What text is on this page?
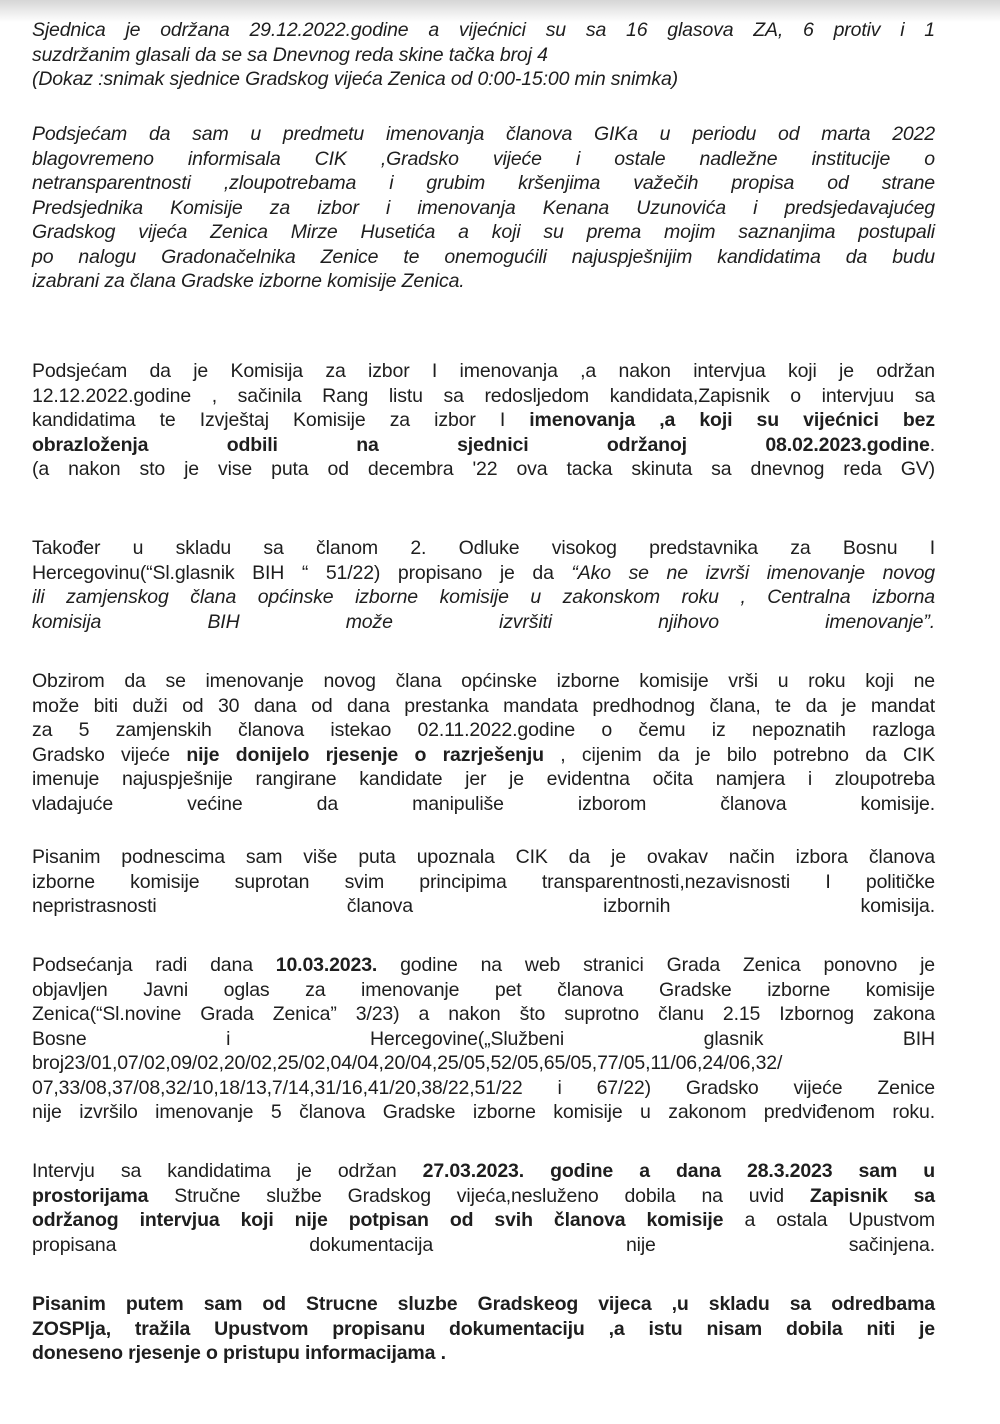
Sjednica je održana 29.12.2022.godine a vijećnici su sa 16 glasova ZA, 6 protiv i 1
suzdržanim glasali da se sa Dnevnog reda skine tačka broj 4
(Dokaz :snimak sjednice Gradskog vijeća Zenica od 0:00-15:00 min snimka)
Podsjećam da sam u predmetu imenovanja članova GIKa u periodu od marta 2022
blagovremeno informisala CIK ,Gradsko vijeće i ostale nadležne institucije o
netransparentnosti ,zloupotrebama i grubim kršenjima važečih propisa od strane
Predsjednika Komisije za izbor i imenovanja Kenana Uzunovića i predsjedavajućeg
Gradskog vijeća Zenica Mirze Husetića a koji su prema mojim saznanjima postupali
po nalogu Gradonačelnika Zenice te onemogućili najuspješnijim kandidatima da budu
izabrani za člana Gradske izborne komisije Zenica.
Podsjećam da je Komisija za izbor I imenovanja ,a nakon intervjua koji je održan
12.12.2022.godine , sačinila Rang listu sa redosljedom kandidata,Zapisnik o intervjuu sa
kandidatima te Izvještaj Komisije za izbor I imenovanja ,a koji su vijećnici bez
obrazloženja odbili na sjednici održanoj 08.02.2023.godine.
(a nakon sto je vise puta od decembra '22 ova tacka skinuta sa dnevnog reda GV)
Također u skladu sa članom 2. Odluke visokog predstavnika za Bosnu I
Hercegovinu(“Sl.glasnik BIH “ 51/22) propisano je da “Ako se ne izvrši imenovanje novog
ili zamjenskog člana općinske izborne komisije u zakonskom roku , Centralna izborna
komisija BIH može izvršiti njihovo imenovanje”.
Obzirom da se imenovanje novog člana općinske izborne komisije vrši u roku koji ne
može biti duži od 30 dana od dana prestanka mandata predhodnog člana, te da je mandat
za 5 zamjenskih članova istekao 02.11.2022.godine o čemu iz nepoznatih razloga
Gradsko vijeće nije donijelo rjesenje o razrješenju , cijenim da je bilo potrebno da CIK
imenuje najuspješnije rangirane kandidate jer je evidentna očita namjera i zloupotreba
vladajuće većine da manipuliše izborom članova komisije.
Pisanim podnescima sam više puta upoznala CIK da je ovakav način izbora članova
izborne komisije suprotan svim principima transparentnosti,nezavisnosti I političke
nepristrasnosti članova izbornih komisija.
Podsećanja radi dana 10.03.2023. godine na web stranici Grada Zenica ponovno je
objavljen Javni oglas za imenovanje pet članova Gradske izborne komisije
Zenica(“Sl.novine Grada Zenica” 3/23) a nakon što suprotno članu 2.15 Izbornog zakona
Bosne i Hercegovine(„Službeni glasnik BIH
broj23/01,07/02,09/02,20/02,25/02,04/04,20/04,25/05,52/05,65/05,77/05,11/06,24/06,32/
07,33/08,37/08,32/10,18/13,7/14,31/16,41/20,38/22,51/22 i 67/22) Gradsko vijeće Zenice
nije izvršilo imenovanje 5 članova Gradske izborne komisije u zakonom predviđenom roku.
Intervju sa kandidatima je održan 27.03.2023. godine a dana 28.3.2023 sam u
prostorijama Stručne službe Gradskog vijeća,nesluženo dobila na uvid Zapisnik sa
održanog intervjua koji nije potpisan od svih članova komisije a ostala Upustvom
propisana dokumentacija nije sačinjena.
Pisanim putem sam od Strucne sluzbe Gradskeog vijeca ,u skladu sa odredbama
ZOSPIja, tražila Upustvom propisanu dokumentaciju ,a istu nisam dobila niti je
doneseno rjesenje o pristupu informacijama .
